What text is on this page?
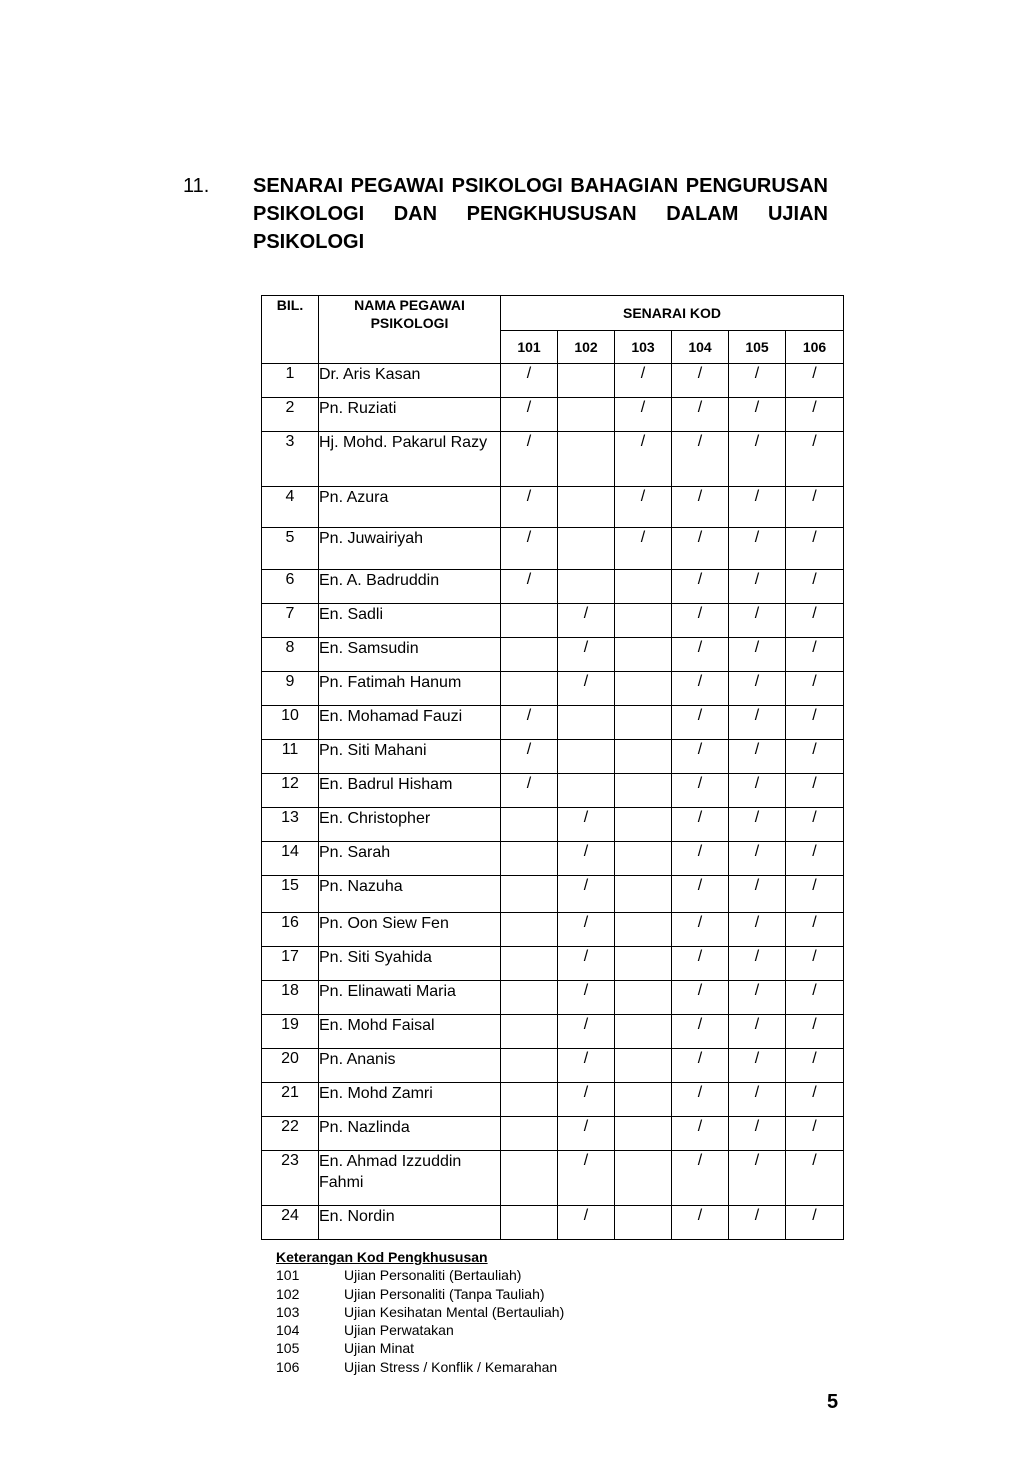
11. SENARAI PEGAWAI PSIKOLOGI BAHAGIAN PENGURUSAN PSIKOLOGI DAN PENGKHUSUSAN DALAM UJIAN PSIKOLOGI
BIL.	NAMA PEGAWAI PSIKOLOGI	SENARAI KOD					
		101	102	103	104	105	106
1	Dr. Aris Kasan	/		/	/	/	/
2	Pn. Ruziati	/		/	/	/	/
3	Hj. Mohd. Pakarul Razy	/		/	/	/	/
4	Pn. Azura	/		/	/	/	/
5	Pn. Juwairiyah	/		/	/	/	/
6	En. A. Badruddin	/			/	/	/
7	En. Sadli		/		/	/	/
8	En. Samsudin		/		/	/	/
9	Pn. Fatimah Hanum		/		/	/	/
10	En. Mohamad Fauzi	/			/	/	/
11	Pn. Siti Mahani	/			/	/	/
12	En. Badrul Hisham	/			/	/	/
13	En. Christopher		/		/	/	/
14	Pn. Sarah		/		/	/	/
15	Pn. Nazuha		/		/	/	/
16	Pn. Oon Siew Fen		/		/	/	/
17	Pn. Siti Syahida		/		/	/	/
18	Pn. Elinawati Maria		/		/	/	/
19	En. Mohd Faisal		/		/	/	/
20	Pn. Ananis		/		/	/	/
21	En. Mohd Zamri		/		/	/	/
22	Pn. Nazlinda		/		/	/	/
23	En. Ahmad Izzuddin Fahmi		/		/	/	/
24	En. Nordin		/		/	/	/
Keterangan Kod Pengkhususan
101	Ujian Personaliti (Bertauliah)
102	Ujian Personaliti (Tanpa Tauliah)
103	Ujian Kesihatan Mental (Bertauliah)
104	Ujian Perwatakan
105	Ujian Minat
106	Ujian Stress / Konflik / Kemarahan
5
